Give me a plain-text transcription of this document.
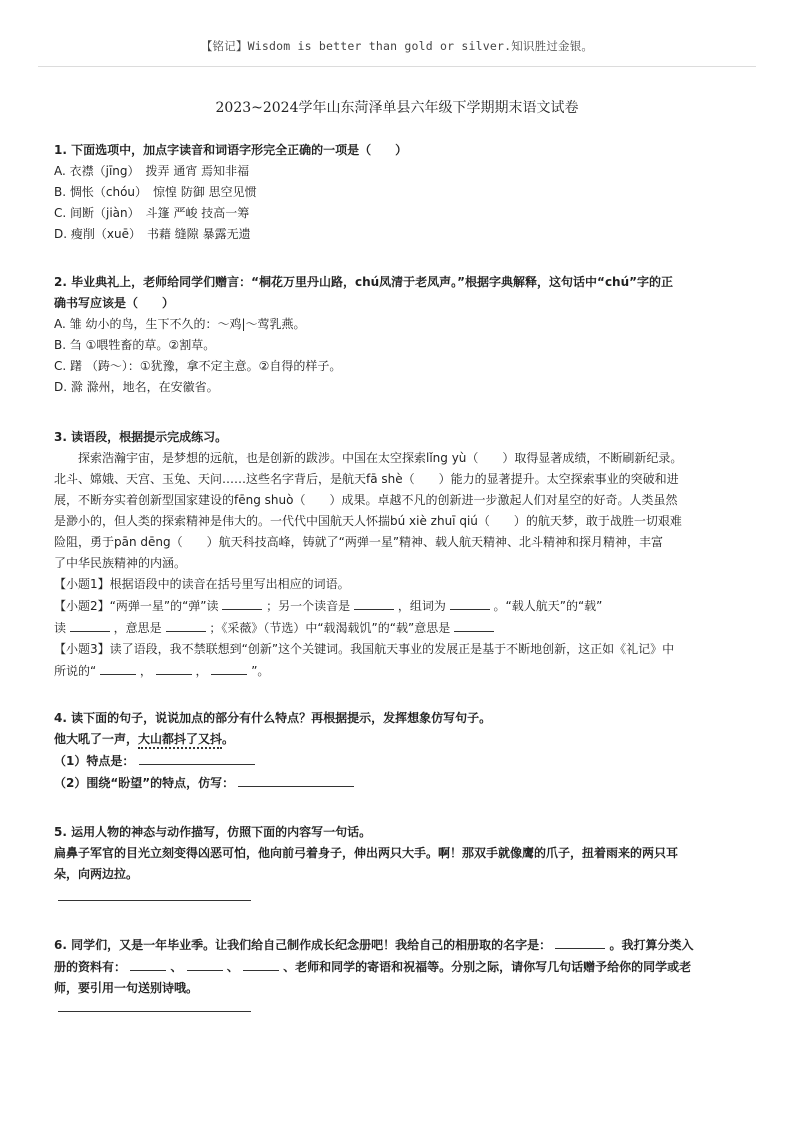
【铭记】Wisdom is better than gold or silver.知识胜过金银。
2023~2024学年山东菏泽单县六年级下学期期末语文试卷
1. 下面选项中，加点字读音和词语字形完全正确的一项是（　　）
A. 衣襟（jīng）　拨弄 通宵 焉知非福
B. 惆怅（chóu）　惊惶 防御 思空见惯
C. 间断（jiàn）　斗篷 严峻 技高一筹
D. 瘦削（xuē）　书藉 缝隙 暴露无遗
2. 毕业典礼上，老师给同学们赠言：“桐花万里丹山路，chú凤清于老凤声。”根据字典解释，这句话中“chú”字的正
确书写应该是（　　）
A. 雏 幼小的鸟，生下不久的：～鸡|～莺乳燕。
B. 刍 ①喂牲畜的草。②割草。
C. 躇 （踌～）：①犹豫，拿不定主意。②自得的样子。
D. 滁 滁州，地名，在安徽省。
3. 读语段，根据提示完成练习。
探索浩瀚宇宙，是梦想的远航，也是创新的跋涉。中国在太空探索lǐng yù（　　）取得显著成绩，不断刷新纪录。
北斗、嫦娥、天宫、玉兔、天问……这些名字背后，是航天fā shè（　　）能力的显著提升。太空探索事业的突破和进
展，不断夯实着创新型国家建设的fēng shuò（　　）成果。卓越不凡的创新进一步激起人们对星空的好奇。人类虽然
是渺小的，但人类的探索精神是伟大的。一代代中国航天人怀揣bú xiè zhuī qiú（　　）的航天梦，敢于战胜一切艰难
险阻，勇于pān dēng（　　）航天科技高峰，铸就了“两弹一星”精神、载人航天精神、北斗精神和探月精神，丰富
了中华民族精神的内涵。
【小题1】根据语段中的读音在括号里写出相应的词语。
【小题2】“两弹一星”的“弹”读	；另一个读音是	，组词为	。“载人航天”的“载”
读	，意思是	；《采薇》（节选）中“载渴载饥”的“载”意思是
【小题3】读了语段，我不禁联想到“创新”这个关键词。我国航天事业的发展正是基于不断地创新，这正如《礼记》中
所说的“	，	，	”。
4. 读下面的句子，说说加点的部分有什么特点？再根据提示，发挥想象仿写句子。
他大吼了一声，大山都抖了又抖。
（1）特点是：
（2）围绕“盼望”的特点，仿写：
5. 运用人物的神态与动作描写，仿照下面的内容写一句话。
扁鼻子军官的目光立刻变得凶恶可怕，他向前弓着身子，伸出两只大手。啊！那双手就像鹰的爪子，扭着雨来的两只耳
朵，向两边拉。
6. 同学们，又是一年毕业季。让我们给自己制作成长纪念册吧！我给自己的相册取的名字是：	。我打算分类入
册的资料有：	、	、	、老师和同学的寄语和祝福等。分别之际，请你写几句话赠予给你的同学或老
师，要引用一句送别诗哦。
